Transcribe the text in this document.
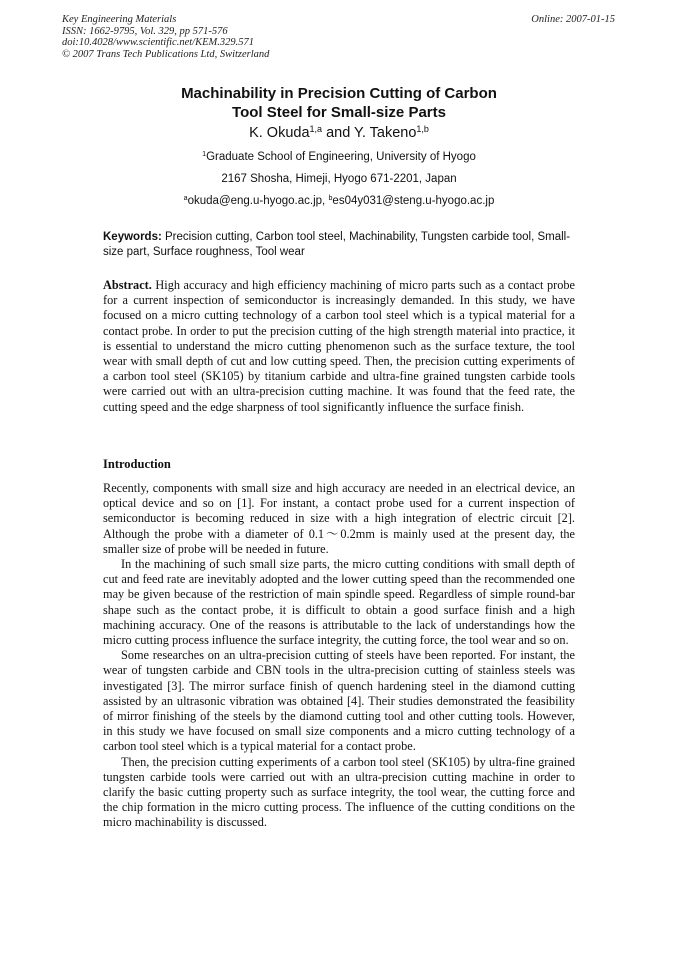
Key Engineering Materials
ISSN: 1662-9795, Vol. 329, pp 571-576
doi:10.4028/www.scientific.net/KEM.329.571
© 2007 Trans Tech Publications Ltd, Switzerland
Online: 2007-01-15
Machinability in Precision Cutting of Carbon
Tool Steel for Small-size Parts
K. Okuda$^{1,a}$ and Y. Takeno$^{1,b}$
$^1$Graduate School of Engineering, University of Hyogo
2167 Shosha, Himeji, Hyogo 671-2201, Japan
$^a$okuda@eng.u-hyogo.ac.jp, $^b$es04y031@steng.u-hyogo.ac.jp
Keywords: Precision cutting, Carbon tool steel, Machinability, Tungsten carbide tool, Small-size part, Surface roughness, Tool wear

Abstract. High accuracy and high efficiency machining of micro parts such as a contact probe for a current inspection of semiconductor is increasingly demanded. In this study, we have focused on a micro cutting technology of a carbon tool steel which is a typical material for a contact probe. In order to put the precision cutting of the high strength material into practice, it is essential to understand the micro cutting phenomenon such as the surface texture, the tool wear with small depth of cut and low cutting speed. Then, the precision cutting experiments of a carbon tool steel (SK105) by titanium carbide and ultra-fine grained tungsten carbide tools were carried out with an ultra-precision cutting machine. It was found that the feed rate, the cutting speed and the edge sharpness of tool significantly influence the surface finish.

Introduction

Recently, components with small size and high accuracy are needed in an electrical device, an optical device and so on [1]. For instant, a contact probe used for a current inspection of semiconductor is becoming reduced in size with a high integration of electric circuit [2]. Although the probe with a diameter of 0.1～0.2mm is mainly used at the present day, the smaller size of probe will be needed in future.

In the machining of such small size parts, the micro cutting conditions with small depth of cut and feed rate are inevitably adopted and the lower cutting speed than the recommended one may be given because of the restriction of main spindle speed. Regardless of simple round-bar shape such as the contact probe, it is difficult to obtain a good surface finish and a high machining accuracy. One of the reasons is attributable to the lack of understandings how the micro cutting process influence the surface integrity, the cutting force, the tool wear and so on.

Some researches on an ultra-precision cutting of steels have been reported. For instant, the wear of tungsten carbide and CBN tools in the ultra-precision cutting of stainless steels was investigated [3]. The mirror surface finish of quench hardening steel in the diamond cutting assisted by an ultrasonic vibration was obtained [4]. Their studies demonstrated the feasibility of mirror finishing of the steels by the diamond cutting tool and other cutting tools. However, in this study we have focused on small size components and a micro cutting technology of a carbon tool steel which is a typical material for a contact probe.

Then, the precision cutting experiments of a carbon tool steel (SK105) by ultra-fine grained tungsten carbide tools were carried out with an ultra-precision cutting machine in order to clarify the basic cutting property such as surface integrity, the tool wear, the cutting force and the chip formation in the micro cutting process. The influence of the cutting conditions on the micro machinability is discussed.
